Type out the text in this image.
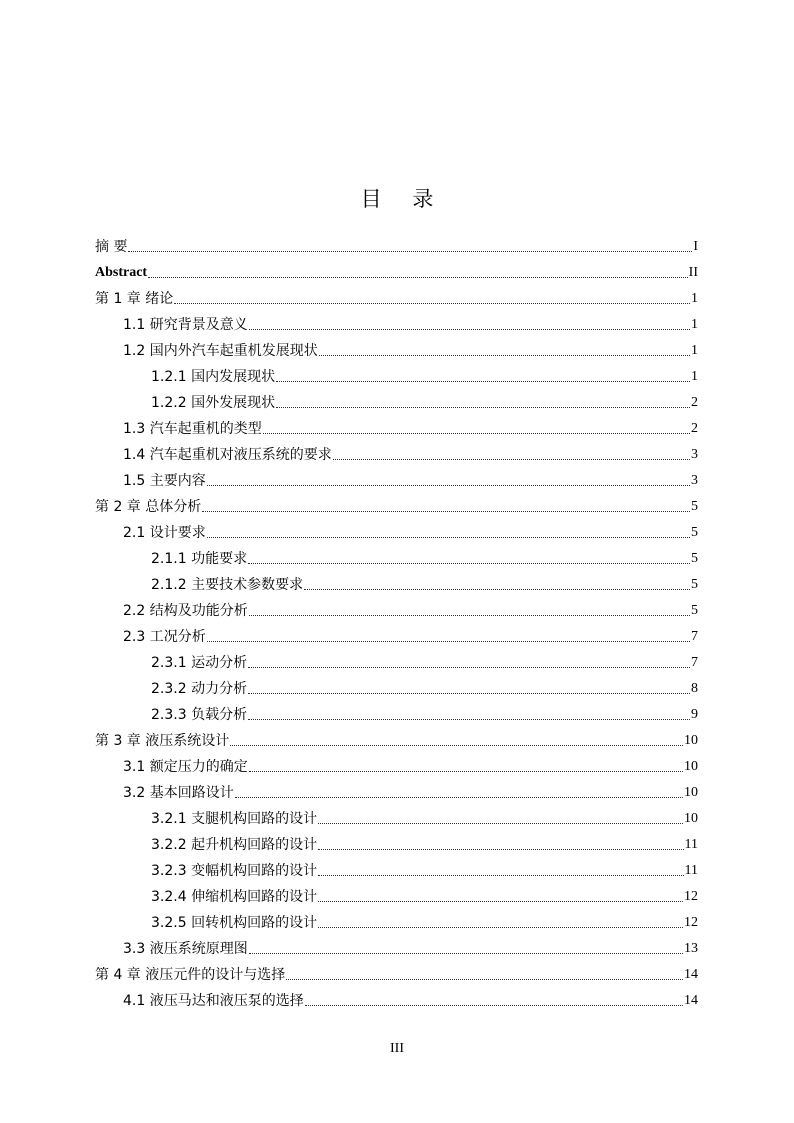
目 录
摘 要	I
Abstract	II
第 1 章 绪论	1
1.1 研究背景及意义	1
1.2 国内外汽车起重机发展现状	1
1.2.1 国内发展现状	1
1.2.2 国外发展现状	2
1.3 汽车起重机的类型	2
1.4 汽车起重机对液压系统的要求	3
1.5 主要内容	3
第 2 章 总体分析	5
2.1 设计要求	5
2.1.1 功能要求	5
2.1.2 主要技术参数要求	5
2.2 结构及功能分析	5
2.3 工况分析	7
2.3.1 运动分析	7
2.3.2 动力分析	8
2.3.3 负载分析	9
第 3 章 液压系统设计	10
3.1 额定压力的确定	10
3.2 基本回路设计	10
3.2.1 支腿机构回路的设计	10
3.2.2 起升机构回路的设计	11
3.2.3 变幅机构回路的设计	11
3.2.4 伸缩机构回路的设计	12
3.2.5 回转机构回路的设计	12
3.3 液压系统原理图	13
第 4 章 液压元件的设计与选择	14
4.1 液压马达和液压泵的选择	14
III
